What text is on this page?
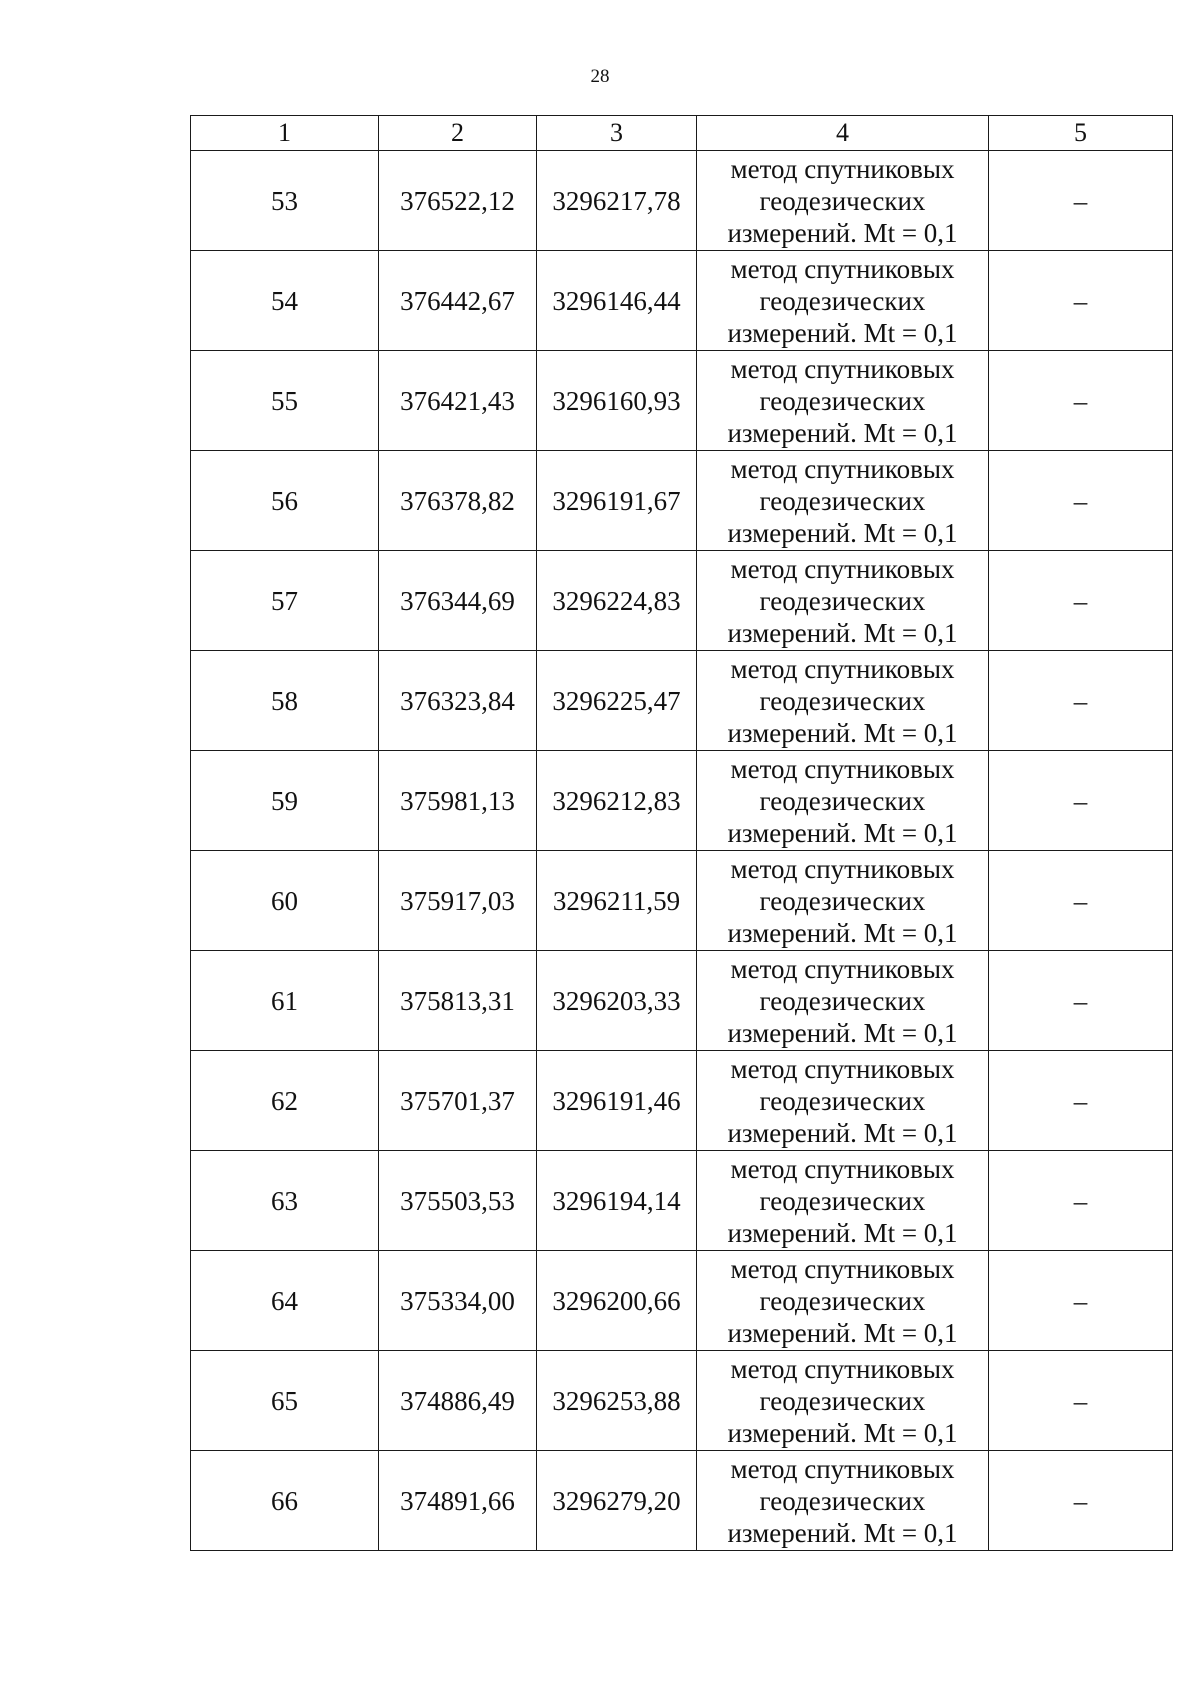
28
1	2	3	4	5
53	376522,12	3296217,78	метод спутниковых
геодезических
измерений. Mt = 0,1	–
54	376442,67	3296146,44	метод спутниковых
геодезических
измерений. Mt = 0,1	–
55	376421,43	3296160,93	метод спутниковых
геодезических
измерений. Mt = 0,1	–
56	376378,82	3296191,67	метод спутниковых
геодезических
измерений. Mt = 0,1	–
57	376344,69	3296224,83	метод спутниковых
геодезических
измерений. Mt = 0,1	–
58	376323,84	3296225,47	метод спутниковых
геодезических
измерений. Mt = 0,1	–
59	375981,13	3296212,83	метод спутниковых
геодезических
измерений. Mt = 0,1	–
60	375917,03	3296211,59	метод спутниковых
геодезических
измерений. Mt = 0,1	–
61	375813,31	3296203,33	метод спутниковых
геодезических
измерений. Mt = 0,1	–
62	375701,37	3296191,46	метод спутниковых
геодезических
измерений. Mt = 0,1	–
63	375503,53	3296194,14	метод спутниковых
геодезических
измерений. Mt = 0,1	–
64	375334,00	3296200,66	метод спутниковых
геодезических
измерений. Mt = 0,1	–
65	374886,49	3296253,88	метод спутниковых
геодезических
измерений. Mt = 0,1	–
66	374891,66	3296279,20	метод спутниковых
геодезических
измерений. Mt = 0,1	–
